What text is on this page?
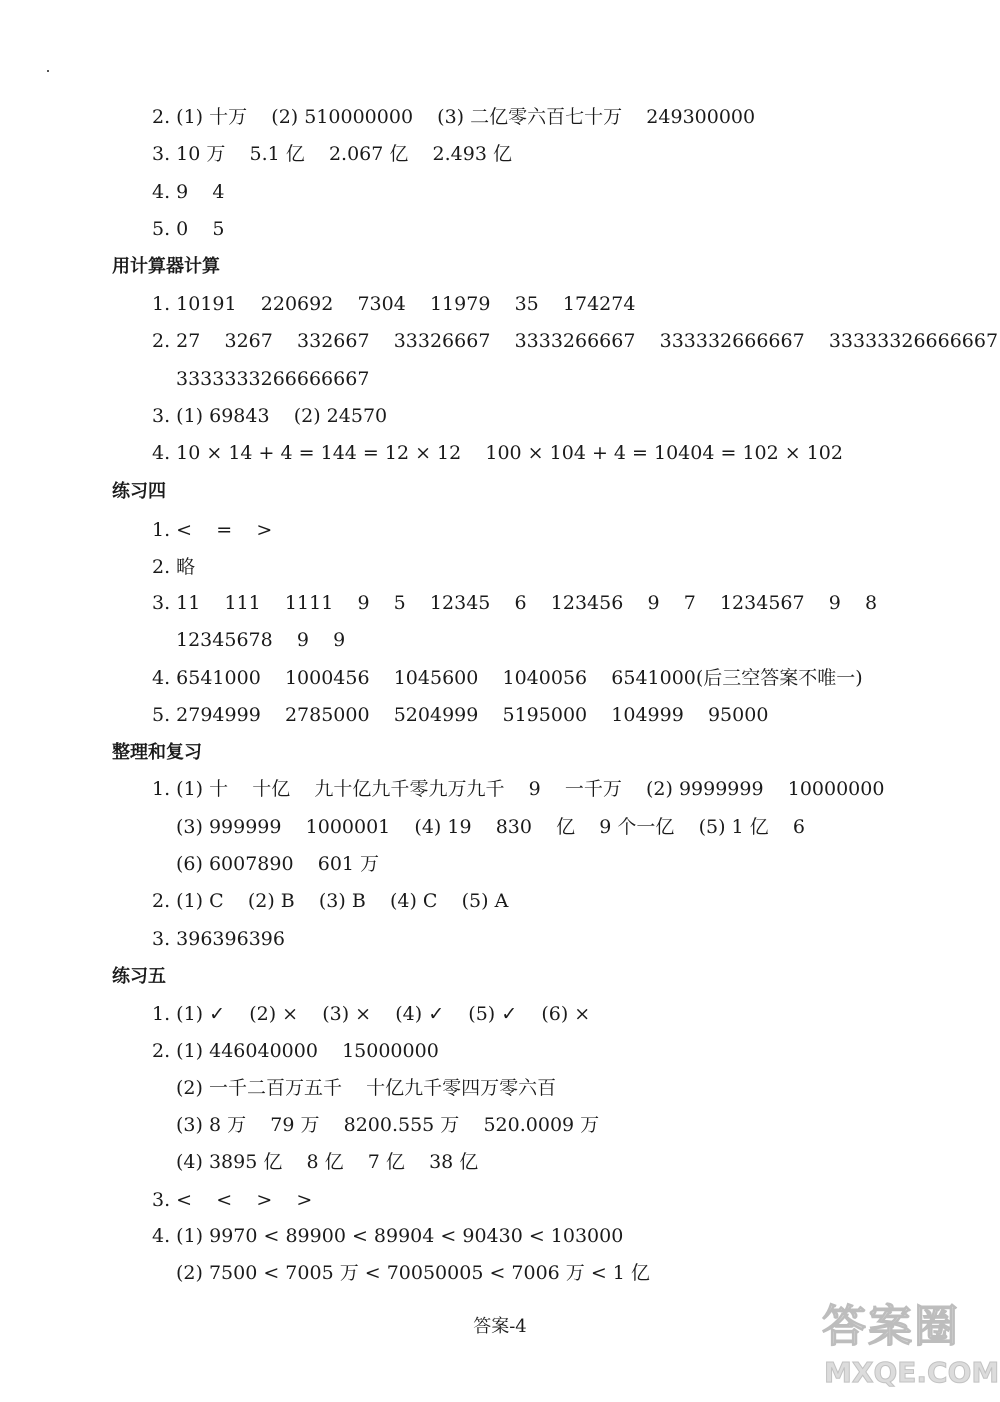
2. (1) 十万    (2) 510000000    (3) 二亿零六百七十万    249300000
3. 10 万    5.1 亿    2.067 亿    2.493 亿
4. 9    4
5. 0    5
用计算器计算
1. 10191    220692    7304    11979    35    174274
2. 27    3267    332667    33326667    3333266667    333332666667    33333326666667
3333333266666667
3. (1) 69843    (2) 24570
4. 10 × 14 + 4 = 144 = 12 × 12    100 × 104 + 4 = 10404 = 102 × 102
练习四
1. <    =    >
2. 略
3. 11    111    1111    9    5    12345    6    123456    9    7    1234567    9    8
12345678    9    9
4. 6541000    1000456    1045600    1040056    6541000(后三空答案不唯一)
5. 2794999    2785000    5204999    5195000    104999    95000
整理和复习
1. (1) 十    十亿    九十亿九千零九万九千    9    一千万    (2) 9999999    10000000
(3) 999999    1000001    (4) 19    830    亿    9 个一亿    (5) 1 亿    6
(6) 6007890    601 万
2. (1) C    (2) B    (3) B    (4) C    (5) A
3. 396396396
练习五
1. (1) ✓    (2) ×    (3) ×    (4) ✓    (5) ✓    (6) ×
2. (1) 446040000    15000000
(2) 一千二百万五千    十亿九千零四万零六百
(3) 8 万    79 万    8200.555 万    520.0009 万
(4) 3895 亿    8 亿    7 亿    38 亿
3. <    <    >    >
4. (1) 9970 < 89900 < 89904 < 90430 < 103000
(2) 7500 < 7005 万 < 70050005 < 7006 万 < 1 亿
答案-4	答案圈
MXQE.COM
